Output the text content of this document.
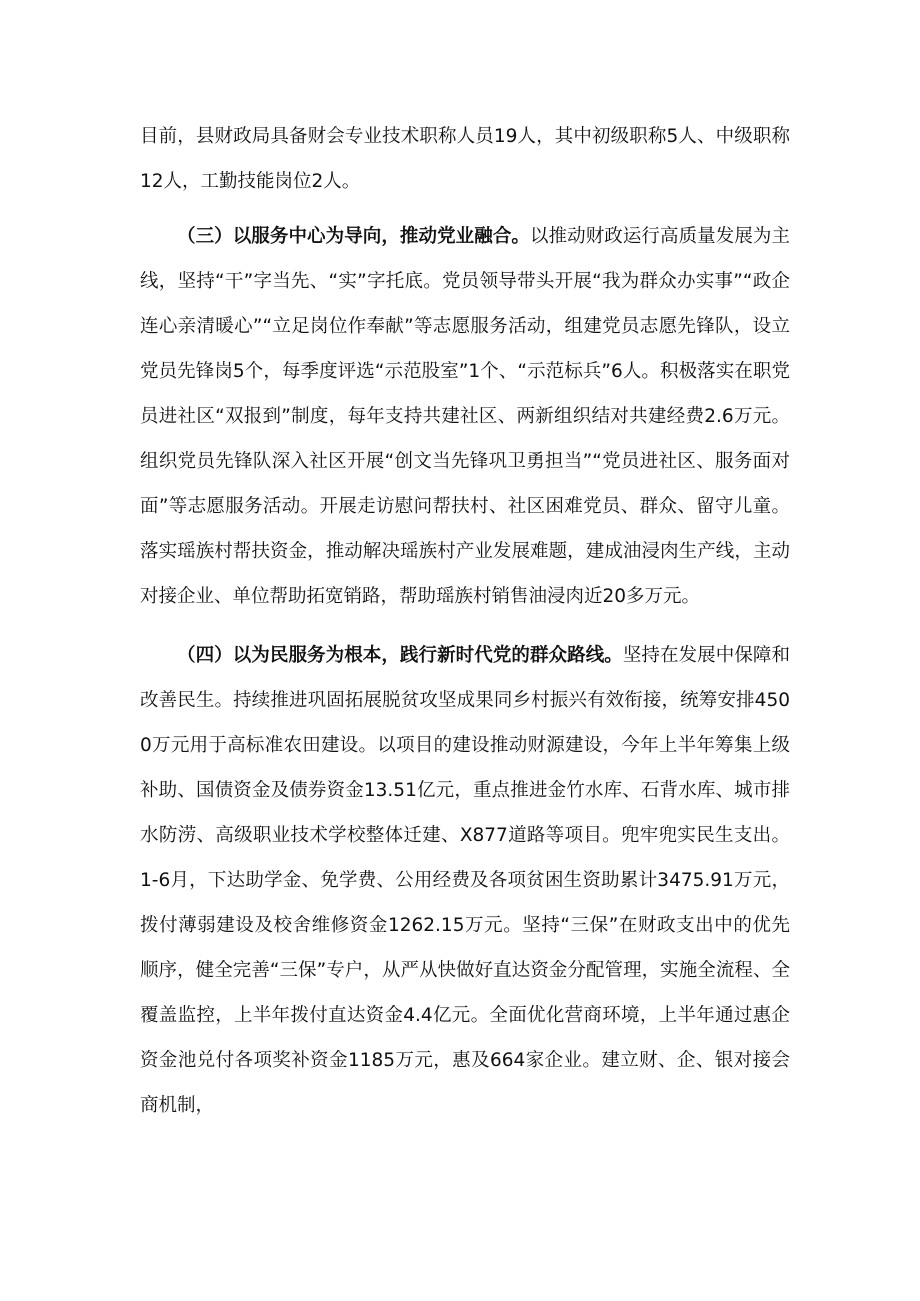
目前，县财政局具备财会专业技术职称人员19人，其中初级职称5人、中级职称12人，工勤技能岗位2人。

（三）以服务中心为导向，推动党业融合。以推动财政运行高质量发展为主线，坚持“干”字当先、“实”字托底。党员领导带头开展“我为群众办实事”“政企连心亲清暖心”“立足岗位作奉献”等志愿服务活动，组建党员志愿先锋队，设立党员先锋岗5个，每季度评选“示范股室”1个、“示范标兵”6人。积极落实在职党员进社区“双报到”制度，每年支持共建社区、两新组织结对共建经费2.6万元。组织党员先锋队深入社区开展“创文当先锋巩卫勇担当”“党员进社区、服务面对面”等志愿服务活动。开展走访慰问帮扶村、社区困难党员、群众、留守儿童。落实瑶族村帮扶资金，推动解决瑶族村产业发展难题，建成油浸肉生产线，主动对接企业、单位帮助拓宽销路，帮助瑶族村销售油浸肉近20多万元。

（四）以为民服务为根本，践行新时代党的群众路线。坚持在发展中保障和改善民生。持续推进巩固拓展脱贫攻坚成果同乡村振兴有效衔接，统筹安排4500万元用于高标准农田建设。以项目的建设推动财源建设，今年上半年筹集上级补助、国债资金及债券资金13.51亿元，重点推进金竹水库、石背水库、城市排水防涝、高级职业技术学校整体迁建、X877道路等项目。兜牢兜实民生支出。1-6月，下达助学金、免学费、公用经费及各项贫困生资助累计3475.91万元，拨付薄弱建设及校舍维修资金1262.15万元。坚持“三保”在财政支出中的优先顺序，健全完善“三保”专户，从严从快做好直达资金分配管理，实施全流程、全覆盖监控，上半年拨付直达资金4.4亿元。全面优化营商环境，上半年通过惠企资金池兑付各项奖补资金1185万元，惠及664家企业。建立财、企、银对接会商机制，
